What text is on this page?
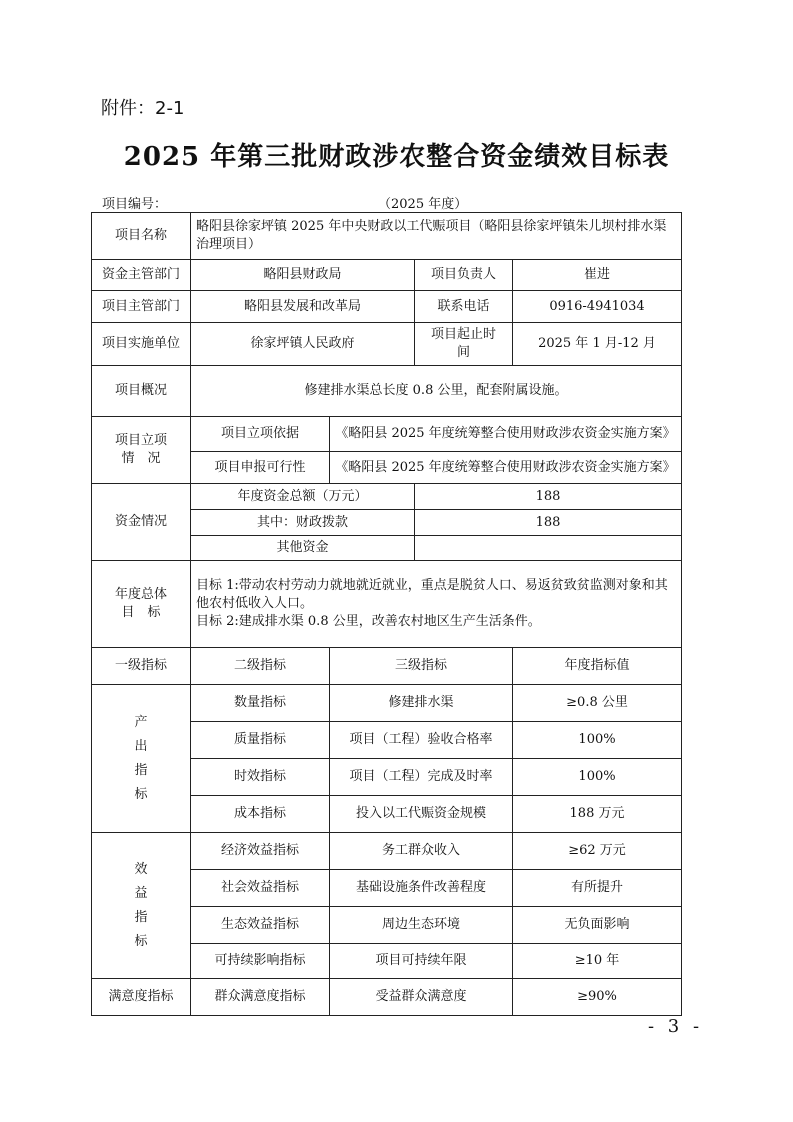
附件：2-1
2025 年第三批财政涉农整合资金绩效目标表
项目编号：	（2025 年度）
项目名称	略阳县徐家坪镇 2025 年中央财政以工代赈项目（略阳县徐家坪镇朱儿坝村排水渠治理项目）			
资金主管部门	略阳县财政局		项目负责人	崔进
项目主管部门	略阳县发展和改革局		联系电话	0916-4941034
项目实施单位	徐家坪镇人民政府		项目起止时
间	2025 年 1 月-12 月
项目概况	修建排水渠总长度 0.8 公里，配套附属设施。			

项目立项
情　况	项目立项依据	《略阳县 2025 年度统筹整合使用财政涉农资金实施方案》		
	项目申报可行性	《略阳县 2025 年度统筹整合使用财政涉农资金实施方案》		
资金情况	年度资金总额（万元）		188	
	其中：财政拨款		188	
	其他资金			

年度总体
目　标	目标 1:带动农村劳动力就地就近就业，重点是脱贫人口、易返贫致贫监测对象和其他农村低收入人口。
目标 2:建成排水渠 0.8 公里，改善农村地区生产生活条件。			

一级指标	二级指标	三级指标		年度指标值

产
出
指
标	数量指标	修建排水渠		≥0.8 公里
	质量指标	项目（工程）验收合格率		100%
	时效指标	项目（工程）完成及时率		100%
	成本指标	投入以工代赈资金规模		188 万元

效
益
指
标	经济效益指标	务工群众收入		≥62 万元
	社会效益指标	基础设施条件改善程度		有所提升
	生态效益指标	周边生态环境		无负面影响
	可持续影响指标	项目可持续年限		≥10 年
满意度指标	群众满意度指标	受益群众满意度		≥90%
- 3 -
